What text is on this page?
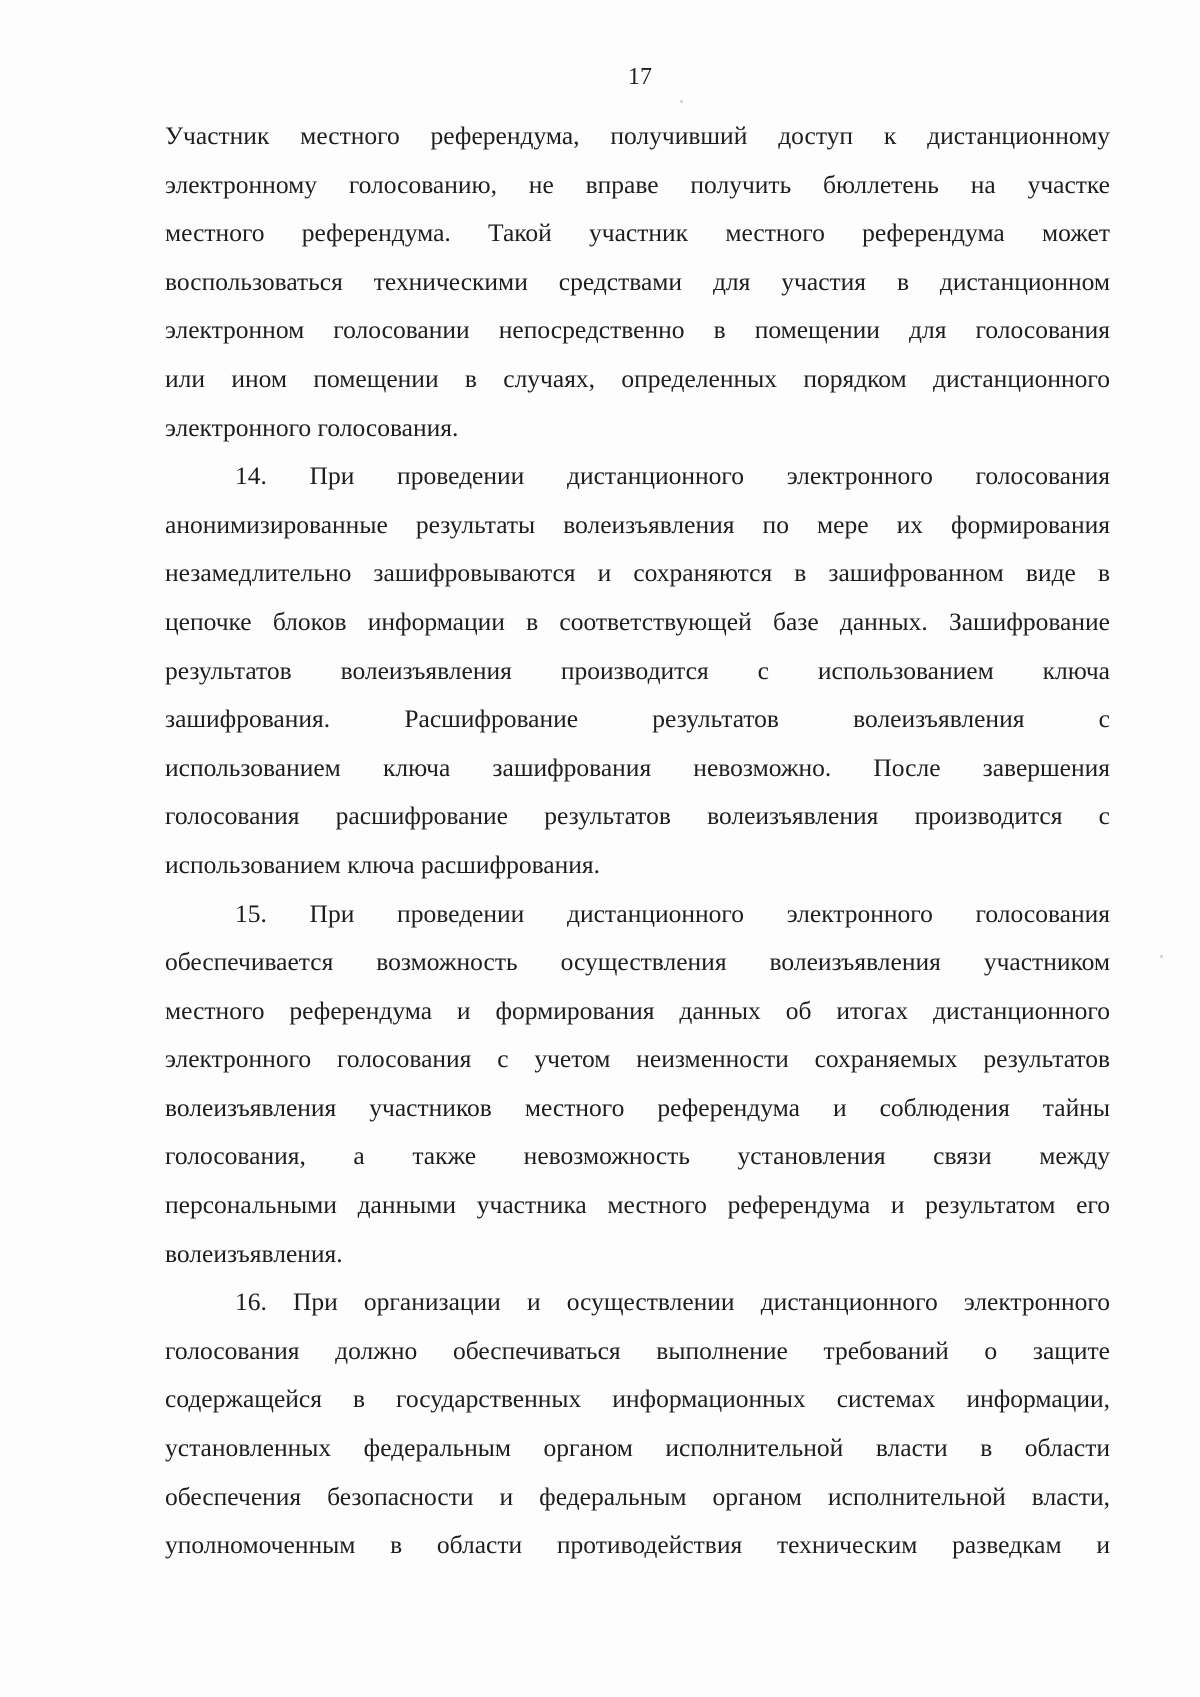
17
Участник местного референдума, получивший доступ к дистанционному
электронному голосованию, не вправе получить бюллетень на участке
местного референдума. Такой участник местного референдума может
воспользоваться техническими средствами для участия в дистанционном
электронном голосовании непосредственно в помещении для голосования
или ином помещении в случаях, определенных порядком дистанционного
электронного голосования.
14. При проведении дистанционного электронного голосования
анонимизированные результаты волеизъявления по мере их формирования
незамедлительно зашифровываются и сохраняются в зашифрованном виде в
цепочке блоков информации в соответствующей базе данных. Зашифрование
результатов волеизъявления производится с использованием ключа
зашифрования. Расшифрование результатов волеизъявления с
использованием ключа зашифрования невозможно. После завершения
голосования расшифрование результатов волеизъявления производится с
использованием ключа расшифрования.
15. При проведении дистанционного электронного голосования
обеспечивается возможность осуществления волеизъявления участником
местного референдума и формирования данных об итогах дистанционного
электронного голосования с учетом неизменности сохраняемых результатов
волеизъявления участников местного референдума и соблюдения тайны
голосования, а также невозможность установления связи между
персональными данными участника местного референдума и результатом его
волеизъявления.
16. При организации и осуществлении дистанционного электронного
голосования должно обеспечиваться выполнение требований о защите
содержащейся в государственных информационных системах информации,
установленных федеральным органом исполнительной власти в области
обеспечения безопасности и федеральным органом исполнительной власти,
уполномоченным в области противодействия техническим разведкам и
